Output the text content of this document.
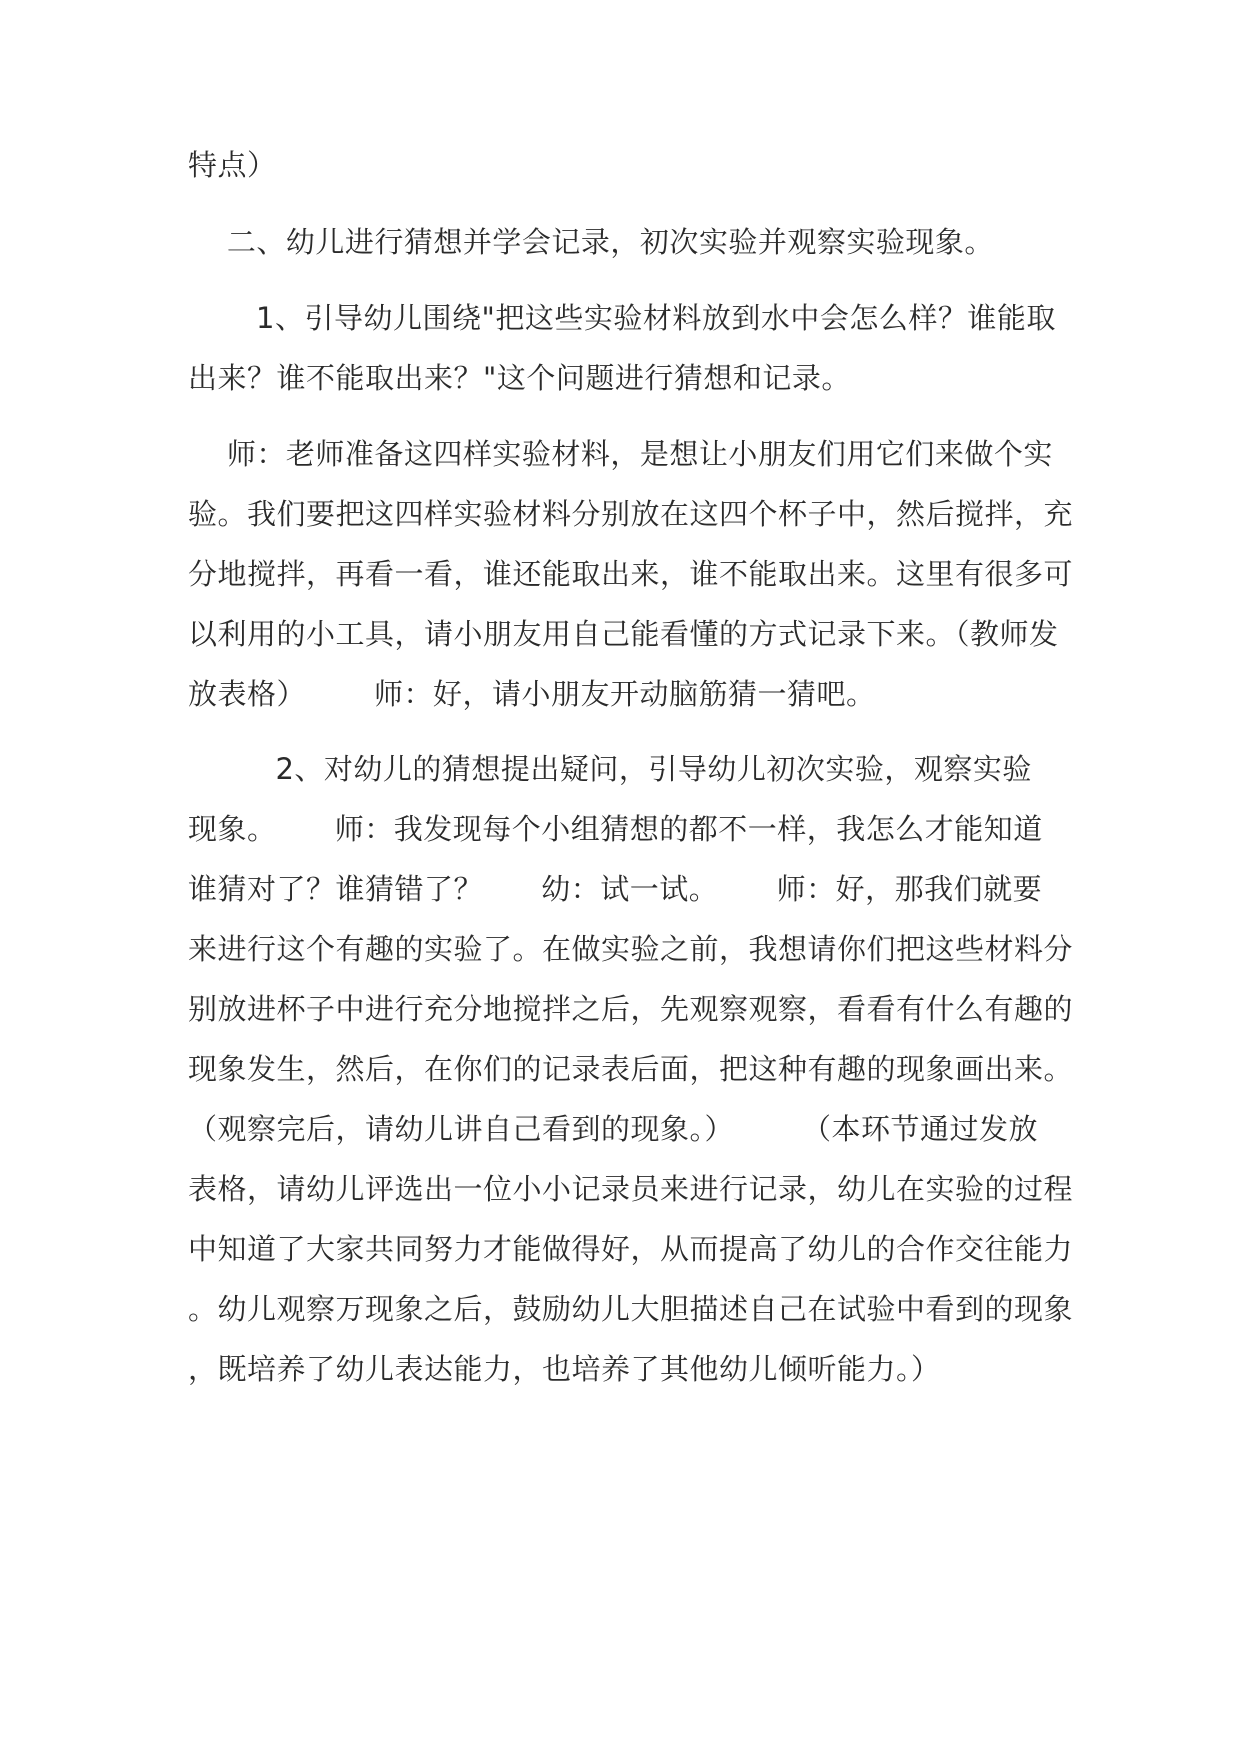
特点）

二、幼儿进行猜想并学会记录，初次实验并观察实验现象。

1、引导幼儿围绕"把这些实验材料放到水中会怎么样？谁能取

出来？谁不能取出来？"这个问题进行猜想和记录。

师：老师准备这四样实验材料，是想让小朋友们用它们来做个实

验。我们要把这四样实验材料分别放在这四个杯子中，然后搅拌，充

分地搅拌，再看一看，谁还能取出来，谁不能取出来。这里有很多可

以利用的小工具，请小朋友用自己能看懂的方式记录下来。（教师发

放表格）       师：好，请小朋友开动脑筋猜一猜吧。

2、对幼儿的猜想提出疑问，引导幼儿初次实验，观察实验

现象。      师：我发现每个小组猜想的都不一样，我怎么才能知道

谁猜对了？谁猜错了？      幼：试一试。      师：好，那我们就要

来进行这个有趣的实验了。在做实验之前，我想请你们把这些材料分

别放进杯子中进行充分地搅拌之后，先观察观察，看看有什么有趣的

现象发生，然后，在你们的记录表后面，把这种有趣的现象画出来。

（观察完后，请幼儿讲自己看到的现象。）       （本环节通过发放

表格，请幼儿评选出一位小小记录员来进行记录，幼儿在实验的过程

中知道了大家共同努力才能做得好，从而提高了幼儿的合作交往能力

。幼儿观察万现象之后，鼓励幼儿大胆描述自己在试验中看到的现象

，既培养了幼儿表达能力，也培养了其他幼儿倾听能力。）
